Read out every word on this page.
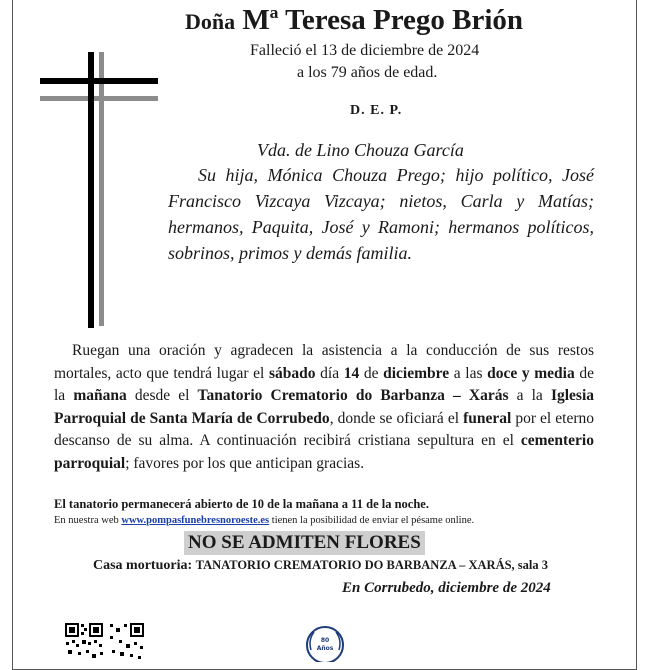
Doña Mª Teresa Prego Brión
Falleció el 13 de diciembre de 2024
a los 79 años de edad.
D. E. P.
Vda. de Lino Chouza García
Su hija, Mónica Chouza Prego; hijo político, José Francisco Vizcaya Vizcaya; nietos, Carla y Matías; hermanos, Paquita, José y Ramoni; hermanos políticos, sobrinos, primos y demás familia.
Ruegan una oración y agradecen la asistencia a la conducción de sus restos mortales, acto que tendrá lugar el sábado día 14 de diciembre a las doce y media de la mañana desde el Tanatorio Crematorio do Barbanza – Xarás a la Iglesia Parroquial de Santa María de Corrubedo, donde se oficiará el funeral por el eterno descanso de su alma. A continuación recibirá cristiana sepultura en el cementerio parroquial; favores por los que anticipan gracias.
El tanatorio permanecerá abierto de 10 de la mañana a 11 de la noche.
En nuestra web www.pompasfunebresnoroeste.es tienen la posibilidad de enviar el pésame online.
NO SE ADMITEN FLORES
Casa mortuoria: TANATORIO CREMATORIO DO BARBANZA – XARÁS, sala 3
En Corrubedo, diciembre de 2024
80
Años
